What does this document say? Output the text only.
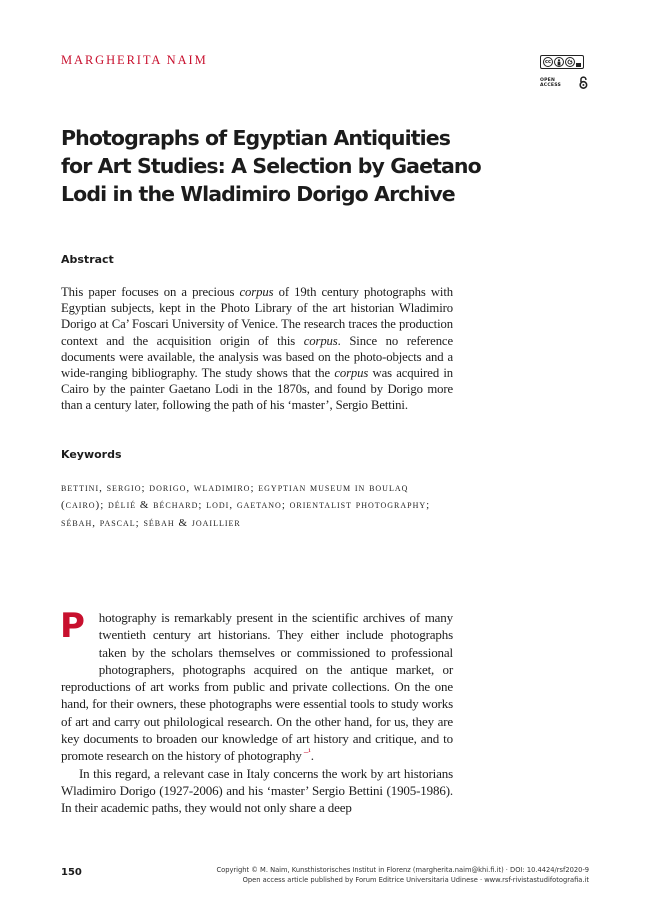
MARGHERITA NAIM	cc
OPEN ACCESS
Photographs of Egyptian Antiquities for Art Studies: A Selection by Gaetano Lodi in the Wladimiro Dorigo Archive
Abstract

This paper focuses on a precious corpus of 19th century photographs with Egyptian subjects, kept in the Photo Library of the art historian Wladimiro Dorigo at Ca’ Foscari University of Venice. The research traces the production context and the acquisition origin of this corpus. Since no reference documents were available, the analysis was based on the photo-objects and a wide-ranging bibliography. The study shows that the corpus was acquired in Cairo by the painter Gaetano Lodi in the 1870s, and found by Dorigo more than a century later, following the path of his ‘master’, Sergio Bettini.

Keywords

bettini, sergio; dorigo, wladimiro; egyptian museum in boulaq (cairo); délié & béchard; lodi, gaetano; orientalist photography; sébah, pascal; sébah & joaillier

P hotography is remarkably present in the scientific archives of many twentieth century art historians. They either include photographs taken by the scholars themselves or commissioned to professional photographers, photographs acquired on the antique market, or reproductions of art works from public and private collections. On the one hand, for their owners, these photographs were essential tools to study works of art and carry out philological research. On the other hand, for us, they are key documents to broaden our knowledge of art history and critique, and to promote research on the history of photography $^{-^1}$.
In this regard, a relevant case in Italy concerns the work by art historians Wladimiro Dorigo (1927-2006) and his ‘master’ Sergio Bettini (1905-1986). In their academic paths, they would not only share a deep

150	Copyright © M. Naim, Kunsthistorisches Institut in Florenz (margherita.naim@khi.fi.it) · DOI: 10.4424/rsf2020-9
Open access article published by Forum Editrice Universitaria Udinese · www.rsf-rivistastudifotografia.it
